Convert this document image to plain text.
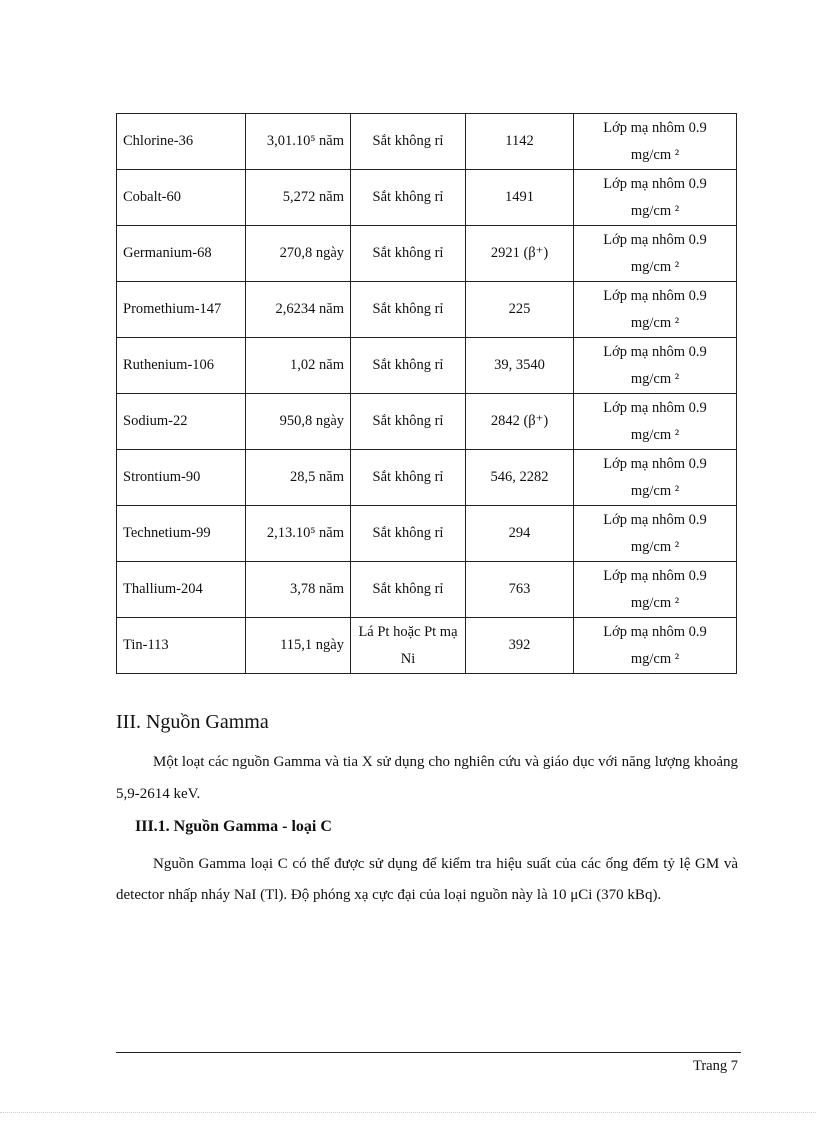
Chlorine-36	3,01.10⁵ năm	Sắt không rỉ	1142	Lớp mạ nhôm 0.9
mg/cm ²

Cobalt-60	5,272 năm	Sắt không rỉ	1491	Lớp mạ nhôm 0.9
mg/cm ²

Germanium-68	270,8 ngày	Sắt không rỉ	2921 (β⁺)	Lớp mạ nhôm 0.9
mg/cm ²

Promethium-147	2,6234 năm	Sắt không rỉ	225	Lớp mạ nhôm 0.9
mg/cm ²

Ruthenium-106	1,02 năm	Sắt không rỉ	39, 3540	Lớp mạ nhôm 0.9
mg/cm ²

Sodium-22	950,8 ngày	Sắt không rỉ	2842 (β⁺)	Lớp mạ nhôm 0.9
mg/cm ²

Strontium-90	28,5 năm	Sắt không rỉ	546, 2282	Lớp mạ nhôm 0.9
mg/cm ²

Technetium-99	2,13.10⁵ năm	Sắt không rỉ	294	Lớp mạ nhôm 0.9
mg/cm ²

Thallium-204	3,78 năm	Sắt không rỉ	763	Lớp mạ nhôm 0.9
mg/cm ²

Tin-113	115,1 ngày	Lá Pt hoặc Pt mạ Ni	392	Lớp mạ nhôm 0.9
mg/cm ²
III. Nguồn Gamma

Một loạt các nguồn Gamma và tia X sử dụng cho nghiên cứu và giáo dục với năng lượng khoảng 5,9-2614 keV.

III.1. Nguồn Gamma - loại C

Nguồn Gamma loại C có thể được sử dụng để kiểm tra hiệu suất của các ống đếm tỷ lệ GM và detector nhấp nháy NaI (Tl). Độ phóng xạ cực đại của loại nguồn này là 10 μCi (370 kBq).

Trang 7
